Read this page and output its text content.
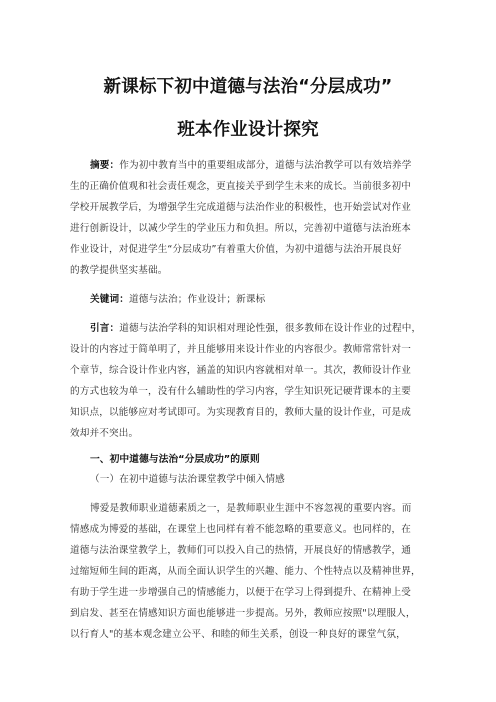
新课标下初中道德与法治“分层成功”
班本作业设计探究
摘要：作为初中教育当中的重要组成部分，道德与法治教学可以有效培养学
生的正确价值观和社会责任观念，更直接关乎到学生未来的成长。当前很多初中
学校开展教学后，为增强学生完成道德与法治作业的积极性，也开始尝试对作业
进行创新设计，以减少学生的学业压力和负担。所以，完善初中道德与法治班本
作业设计，对促进学生“分层成功”有着重大价值，为初中道德与法治开展良好
的教学提供坚实基础。
关键词：道德与法治；作业设计；新课标
引言：道德与法治学科的知识相对理论性强，很多教师在设计作业的过程中，
设计的内容过于简单明了，并且能够用来设计作业的内容很少。教师常常针对一
个章节，综合设计作业内容，涵盖的知识内容就相对单一。其次，教师设计作业
的方式也较为单一，没有什么辅助性的学习内容，学生知识死记硬背课本的主要
知识点，以能够应对考试即可。为实现教育目的，教师大量的设计作业，可是成
效却并不突出。
一、初中道德与法治“分层成功”的原则
（一）在初中道德与法治课堂教学中倾入情感
博爱是教师职业道德素质之一，是教师职业生涯中不容忽视的重要内容。而
情感成为博爱的基础，在课堂上也同样有着不能忽略的重要意义。也同样的，在
道德与法治课堂教学上，教师们可以投入自己的热情，开展良好的情感教学，通
过缩短师生间的距离，从而全面认识学生的兴趣、能力、个性特点以及精神世界，
有助于学生进一步增强自己的情感能力，以便于在学习上得到提升、在精神上受
到启发、甚至在情感知识方面也能够进一步提高。另外，教师应按照"以理服人，
以行育人"的基本观念建立公平、和睦的师生关系，创设一种良好的课堂气氛，
